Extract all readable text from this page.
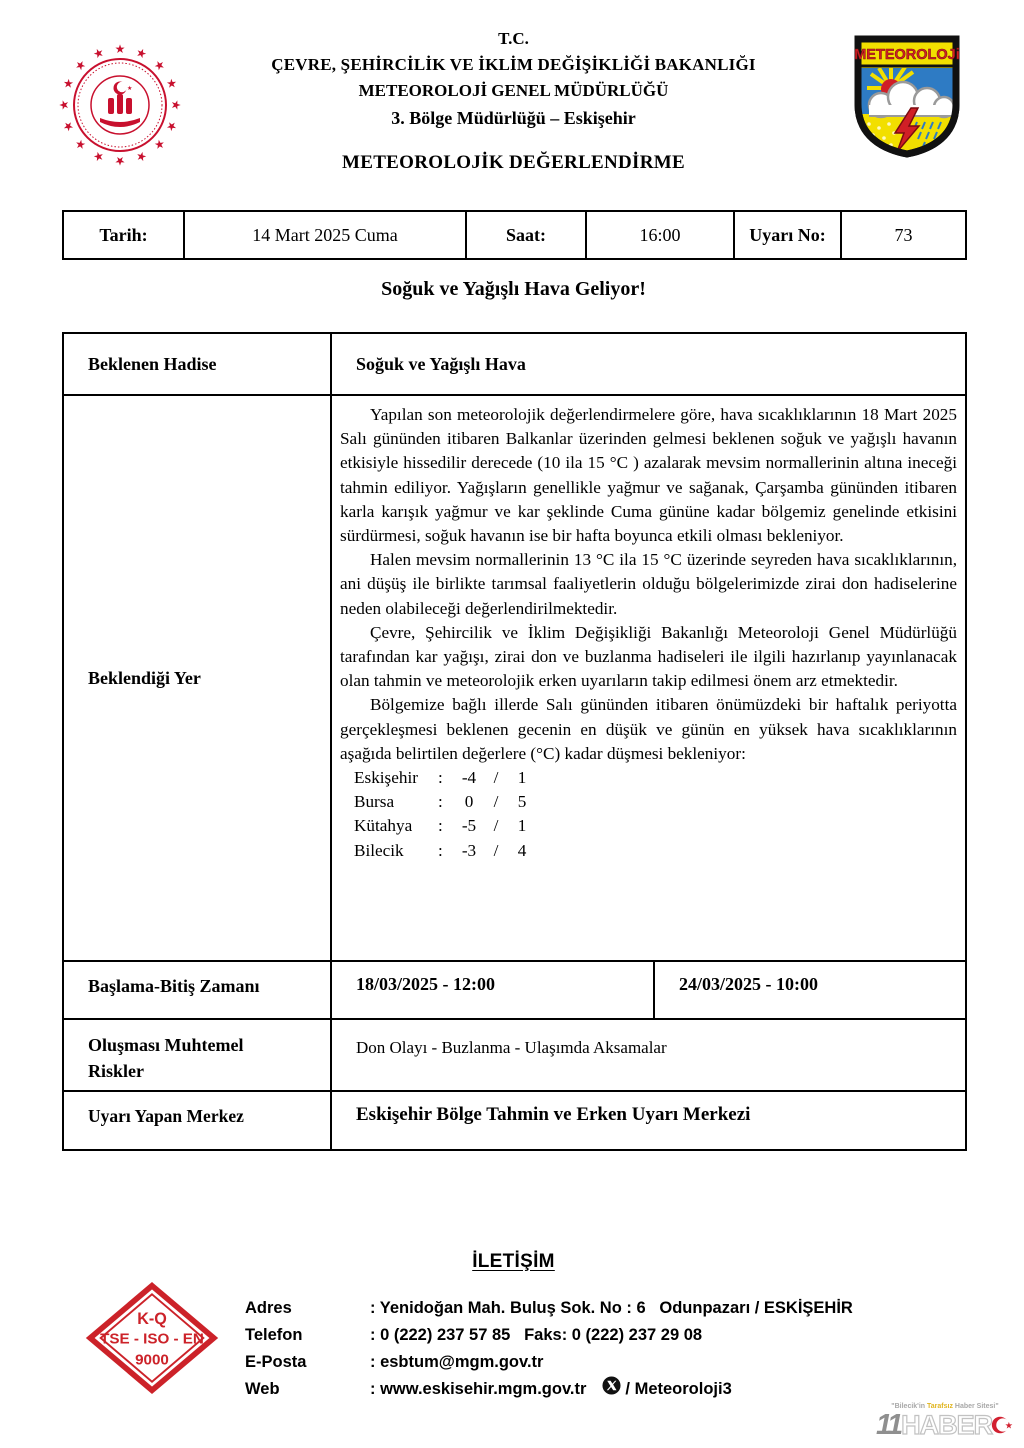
★ ★
★
★
★
★
★
★
★
★
★
★
★
★
★
★
★
METEOROLOJi
T.C.
ÇEVRE, ŞEHİRCİLİK VE İKLİM DEĞİŞİKLİĞİ BAKANLIĞI
METEOROLOJİ GENEL MÜDÜRLÜĞÜ
3. Bölge Müdürlüğü – Eskişehir
METEOROLOJİK DEĞERLENDİRME
Tarih:	14 Mart 2025 Cuma	Saat:	16:00	Uyarı No:	73
Soğuk ve Yağışlı Hava Geliyor!
Beklenen Hadise	Soğuk ve Yağışlı Hava	
Beklendiği Yer	

Yapılan son meteorolojik değerlendirmelere göre, hava sıcaklıklarının 18 Mart 2025 Salı gününden itibaren Balkanlar üzerinden gelmesi beklenen soğuk ve yağışlı havanın etkisiyle hissedilir derecede (10 ila 15 °C ) azalarak mevsim normallerinin altına ineceği tahmin ediliyor. Yağışların genellikle yağmur ve sağanak, Çarşamba gününden itibaren karla karışık yağmur ve kar şeklinde Cuma gününe kadar bölgemiz genelinde etkisini sürdürmesi, soğuk havanın ise bir hafta boyunca etkili olması bekleniyor.

Halen mevsim normallerinin 13 °C ila 15 °C üzerinde seyreden hava sıcaklıklarının, ani düşüş ile birlikte tarımsal faaliyetlerin olduğu bölgelerimizde zirai don hadiselerine neden olabileceği değerlendirilmektedir.

Çevre, Şehircilik ve İklim Değişikliği Bakanlığı Meteoroloji Genel Müdürlüğü tarafından kar yağışı, zirai don ve buzlanma hadiseleri ile ilgili hazırlanıp yayınlanacak olan tahmin ve meteorolojik erken uyarıların takip edilmesi önem arz etmektedir.

Bölgemize bağlı illerde Salı gününden itibaren önümüzdeki bir haftalık periyotta gerçekleşmesi beklenen gecenin en düşük ve günün en yüksek hava sıcaklıklarının aşağıda belirtilen değerlere (°C) kadar düşmesi bekleniyor:

Eskişehir	:	-4	/	1
Bursa	:	0	/	5
Kütahya	:	-5	/	1
Bilecik	:	-3	/	4

Başlama-Bitiş Zamanı	18/03/2025 - 12:00	24/03/2025 - 10:00
Oluşması Muhtemel Riskler	Don Olayı - Buzlanma - Ulaşımda Aksamalar	
Uyarı Yapan Merkez	Eskişehir Bölge Tahmin ve Erken Uyarı Merkezi	
İLETİŞİM
K-Q
TSE - ISO - EN
9000
Adres	: Yenidoğan Mah. Buluş Sok. No : 6   Odunpazarı / ESKİŞEHİR
Telefon	: 0 (222) 237 57 85   Faks: 0 (222) 237 29 08
E-Posta	: esbtum@mgm.gov.tr
Web	: www.eskisehir.mgm.gov.tr / Meteoroloji3
"Bilecik'in Tarafsız Haber Sitesi"
11 HABER ★
